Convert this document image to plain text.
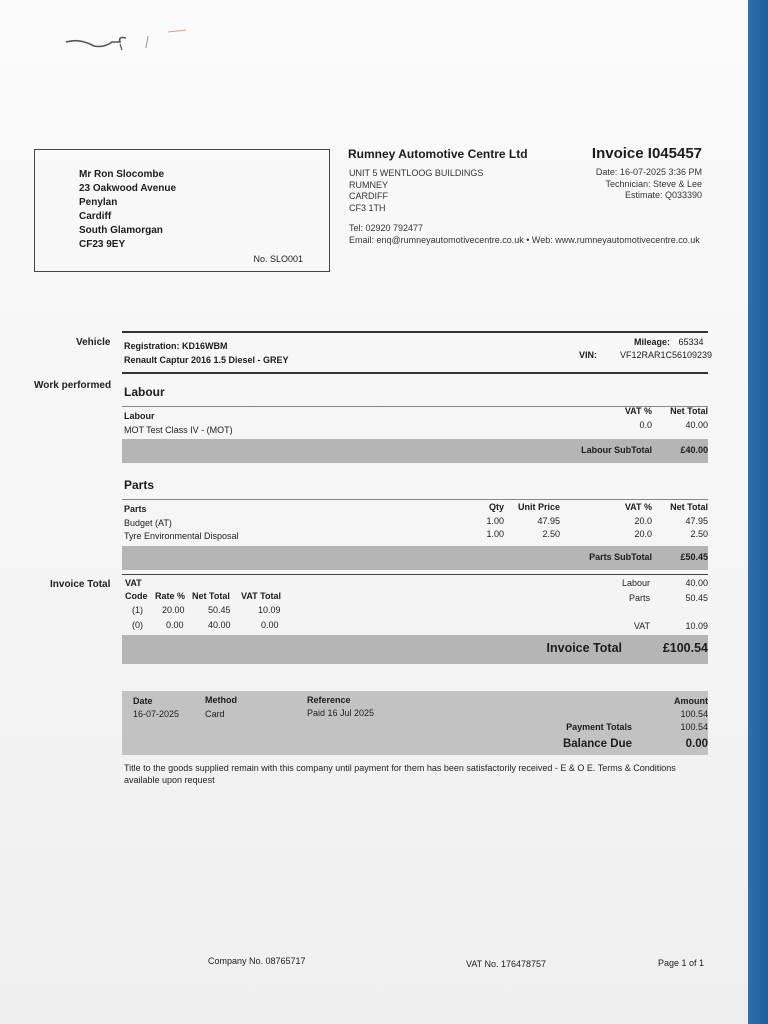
Mr Ron Slocombe
23 Oakwood Avenue
Penylan
Cardiff
South Glamorgan
CF23 9EY
No. SLO001
Rumney Automotive Centre Ltd
UNIT 5 WENTLOOG BUILDINGS
RUMNEY
CARDIFF
CF3 1TH
Tel: 02920 792477
Email: enq@rumneyautomotivecentre.co.uk • Web: www.rumneyautomotivecentre.co.uk
Invoice I045457
Date: 16-07-2025 3:36 PM
Technician: Steve & Lee
Estimate: Q033390
Vehicle Registration: KD16WBM
Renault Captur 2016 1.5 Diesel - GREY
Mileage: 65334
VIN:	VF12RAR1C56109239
Work performed Labour
Labour	VAT % Net Total
MOT Test Class IV - (MOT)	0.0	40.00
Labour SubTotal	£40.00
Parts
Parts	Qty Unit Price	VAT % Net Total
Budget (AT)	1.00	47.95	20.0	47.95
Tyre Environmental Disposal	1.00	2.50	20.0	2.50
Parts SubTotal	£50.45
Invoice Total VAT
Code Rate % Net Total VAT Total
(1) 20.00	50.45	10.09
(0)	0.00	40.00	0.00
Labour	40.00
Parts	50.45
VAT	10.09
Invoice Total	£100.54
Date	Method	Reference	Amount
16-07-2025	Card	Paid 16 Jul 2025	100.54
Payment Totals	100.54
Balance Due	0.00
Title to the goods supplied remain with this company until payment for them has been satisfactorily received - E & O E. Terms & Conditions available upon request
Company No. 08765717	VAT No. 176478757	Page 1 of 1
